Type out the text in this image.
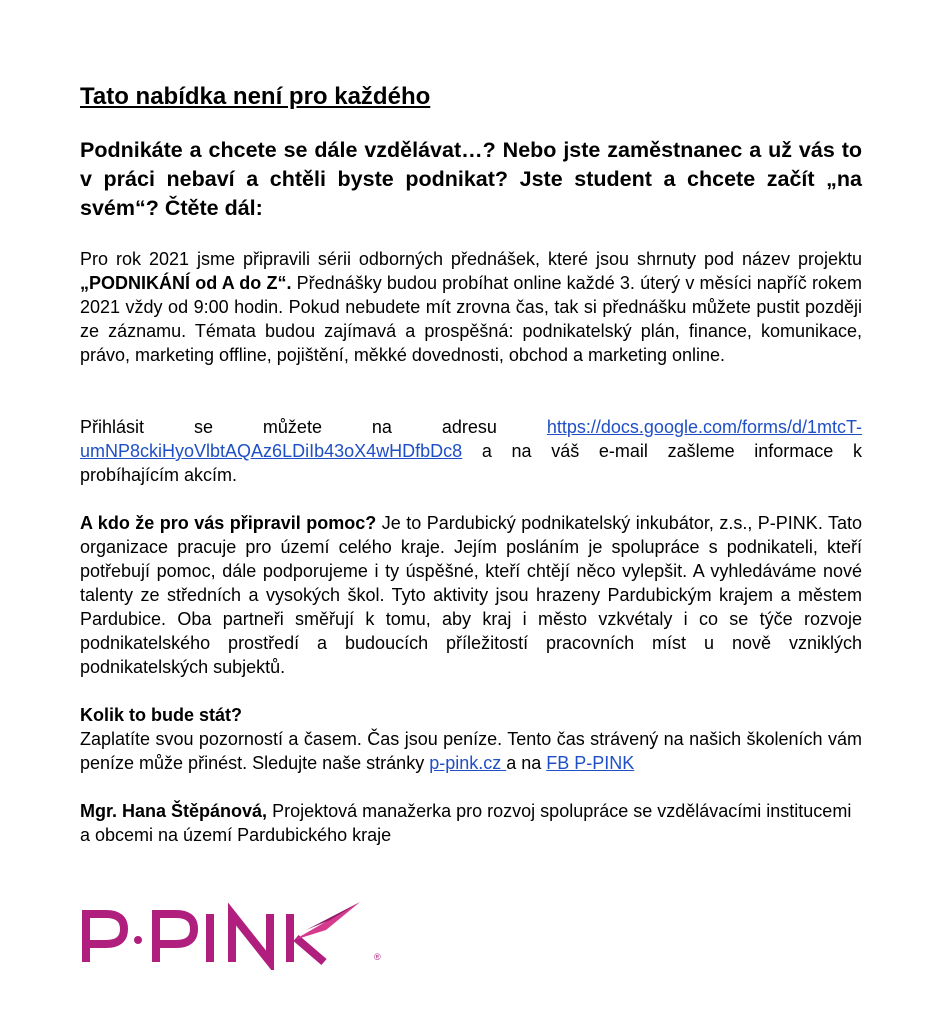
Tato nabídka není pro každého

Podnikáte a chcete se dále vzdělávat…? Nebo jste zaměstnanec a už vás to v práci nebaví a chtěli byste podnikat? Jste student a chcete začít „na svém“? Čtěte dál:

Pro rok 2021 jsme připravili sérii odborných přednášek, které jsou shrnuty pod název projektu „PODNIKÁNÍ od A do Z“. Přednášky budou probíhat online každé 3. úterý v měsíci napříč rokem 2021 vždy od 9:00 hodin. Pokud nebudete mít zrovna čas, tak si přednášku můžete pustit později ze záznamu. Témata budou zajímavá a prospěšná: podnikatelský plán, finance, komunikace, právo, marketing offline, pojištění, měkké dovednosti, obchod a marketing online.

Přihlásit se můžete na adresu https://docs.google.com/forms/d/1mtcT-umNP8ckiHyoVlbtAQAz6LDiIb43oX4wHDfbDc8 a na váš e-mail zašleme informace k probíhajícím akcím.

A kdo že pro vás připravil pomoc? Je to Pardubický podnikatelský inkubátor, z.s., P-PINK. Tato organizace pracuje pro území celého kraje. Jejím posláním je spolupráce s podnikateli, kteří potřebují pomoc, dále podporujeme i ty úspěšné, kteří chtějí něco vylepšit. A vyhledáváme nové talenty ze středních a vysokých škol. Tyto aktivity jsou hrazeny Pardubickým krajem a městem Pardubice. Oba partneři směřují k tomu, aby kraj i město vzkvétaly i co se týče rozvoje podnikatelského prostředí a budoucích příležitostí pracovních míst u nově vzniklých podnikatelských subjektů.

Kolik to bude stát?

Zaplatíte svou pozorností a časem. Čas jsou peníze. Tento čas strávený na našich školeních vám peníze může přinést. Sledujte naše stránky p-pink.cz a na FB P-PINK

Mgr. Hana Štěpánová, Projektová manažerka pro rozvoj spolupráce se vzdělávacími institucemi a obcemi na území Pardubického kraje

®
